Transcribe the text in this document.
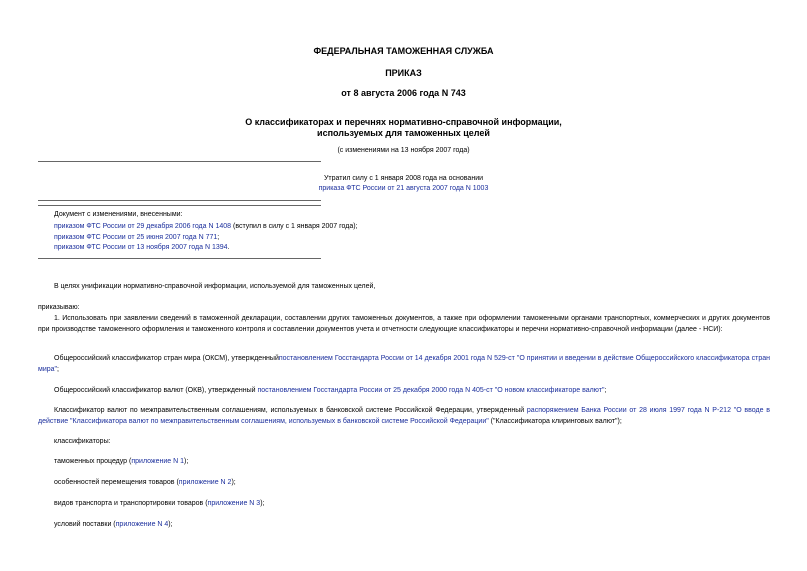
ФЕДЕРАЛЬНАЯ ТАМОЖЕННАЯ СЛУЖБА
ПРИКАЗ
от 8 августа 2006 года N 743
О классификаторах и перечнях нормативно-справочной информации,
используемых для таможенных целей
(с изменениями на 13 ноября 2007 года)
Утратил силу с 1 января 2008 года на основании
приказа ФТС России от 21 августа 2007 года N 1003
Документ с изменениями, внесенными:
приказом ФТС России от 29 декабря 2006 года N 1408 (вступил в силу с 1 января 2007 года);
приказом ФТС России от 25 июня 2007 года N 771;
приказом ФТС России от 13 ноября 2007 года N 1394.
В целях унификации нормативно-справочной информации, используемой для таможенных целей,
приказываю:
1. Использовать при заявлении сведений в таможенной декларации, составлении других таможенных документов, а также при оформлении таможенными органами транспортных, коммерческих и других документов при производстве таможенного оформления и таможенного контроля и составлении документов учета и отчетности следующие классификаторы и перечни нормативно-справочной информации (далее - НСИ):
Общероссийский классификатор стран мира (ОКСМ), утвержденныйпостановлением Госстандарта России от 14 декабря 2001 года N 529-ст "О принятии и введении в действие Общероссийского классификатора стран мира";
Общероссийский классификатор валют (ОКВ), утвержденный постановлением Госстандарта России от 25 декабря 2000 года N 405-ст "О новом классификаторе валют";
Классификатор валют по межправительственным соглашениям, используемых в банковской системе Российской Федерации, утвержденный распоряжением Банка России от 28 июля 1997 года N Р-212 "О вводе в действие "Классификатора валют по межправительственным соглашениям, используемых в банковской системе Российской Федерации" ("Классификатора клиринговых валют");
классификаторы:
таможенных процедур (приложение N 1);
особенностей перемещения товаров (приложение N 2);
видов транспорта и транспортировки товаров (приложение N 3);
условий поставки (приложение N 4);
